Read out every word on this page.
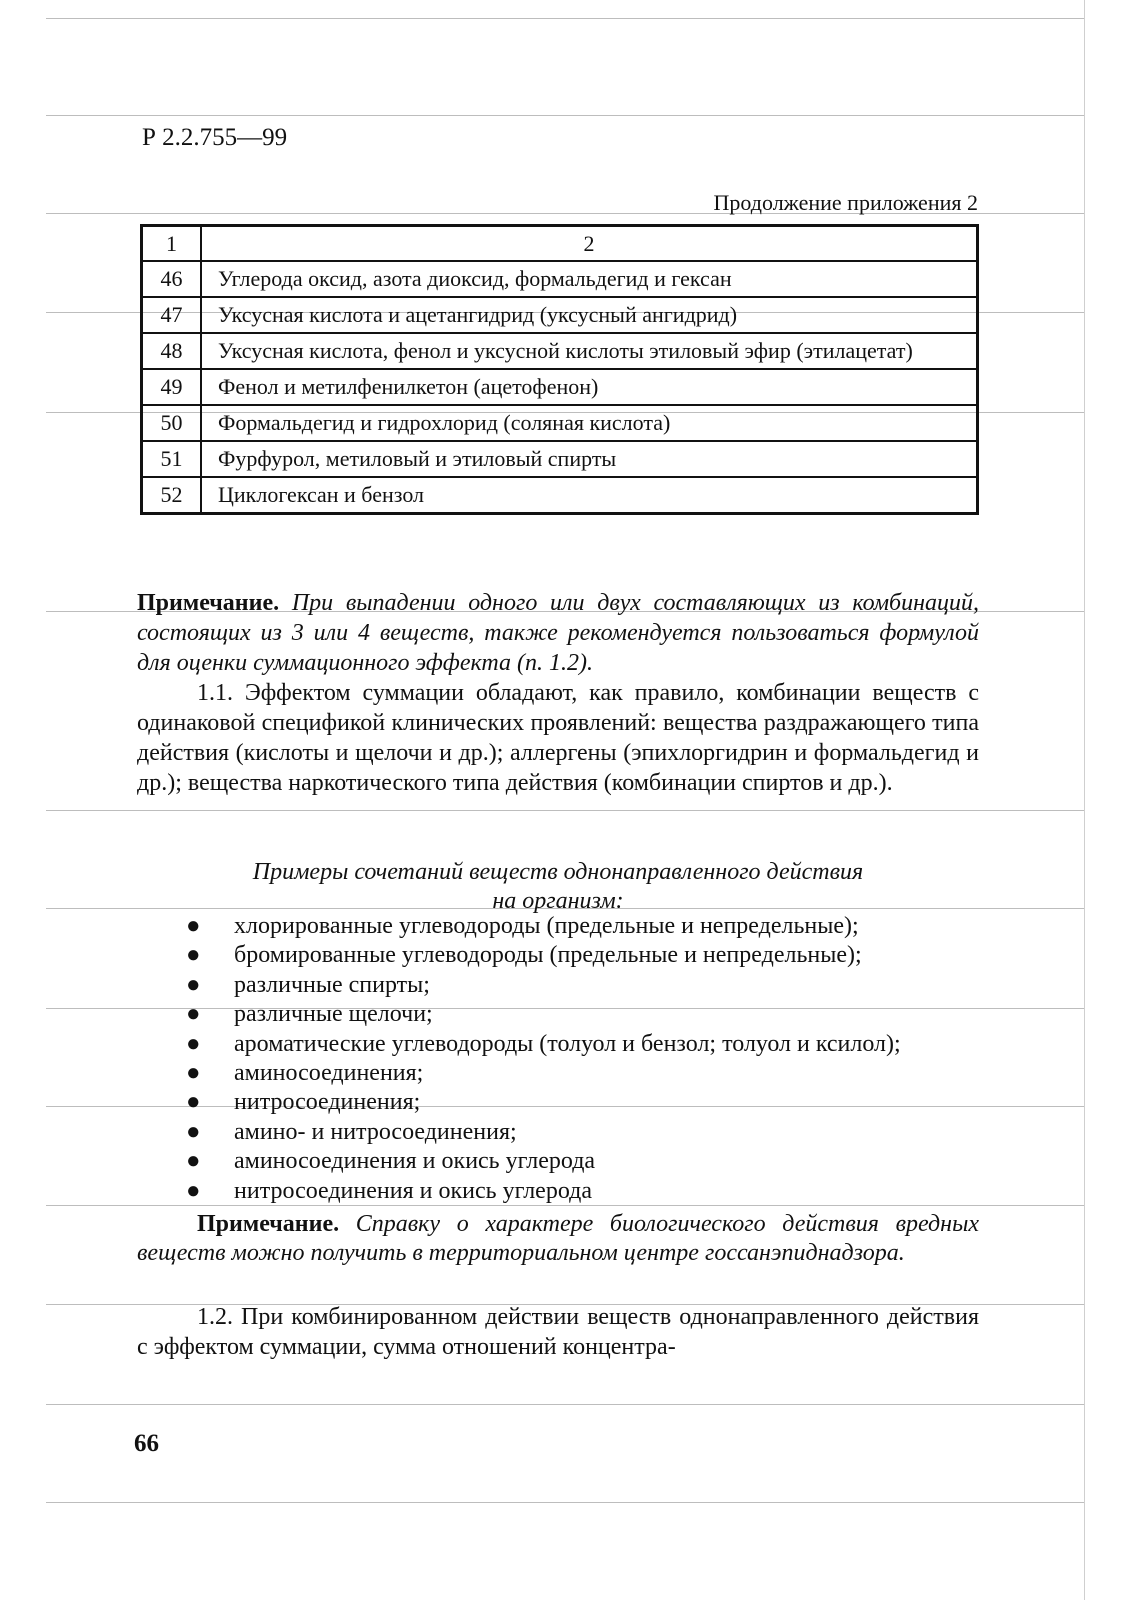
Р 2.2.755—99
Продолжение приложения 2
1	2
46	Углерода оксид, азота диоксид, формальдегид и гексан
47	Уксусная кислота и ацетангидрид (уксусный ангидрид)
48	Уксусная кислота, фенол и уксусной кислоты этиловый эфир (этилацетат)
49	Фенол и метилфенилкетон (ацетофенон)
50	Формальдегид и гидрохлорид (соляная кислота)
51	Фурфурол, метиловый и этиловый спирты
52	Циклогексан и бензол
Примечание. При выпадении одного или двух составляющих из комбинаций, состоящих из 3 или 4 веществ, также рекомендуется пользоваться формулой для оценки суммационного эффекта (п. 1.2).
1.1. Эффектом суммации обладают, как правило, комбинации веществ с одинаковой спецификой клинических проявлений: вещества раздражающего типа действия (кислоты и щелочи и др.); аллергены (эпихлоргидрин и формальдегид и др.); вещества наркотического типа действия (комбинации спиртов и др.).
Примеры сочетаний веществ однонаправленного действия
на организм:
● хлорированные углеводороды (предельные и непредельные);
● бромированные углеводороды (предельные и непредельные);
● различные спирты;
● различные щелочи;
● ароматические углеводороды (толуол и бензол; толуол и ксилол);
● аминосоединения;
● нитросоединения;
● амино- и нитросоединения;
● аминосоединения и окись углерода
● нитросоединения и окись углерода
Примечание. Справку о характере биологического действия вредных веществ можно получить в территориальном центре госсанэпиднадзора.
1.2. При комбинированном действии веществ однонаправленного действия с эффектом суммации, сумма отношений концентра-
66
